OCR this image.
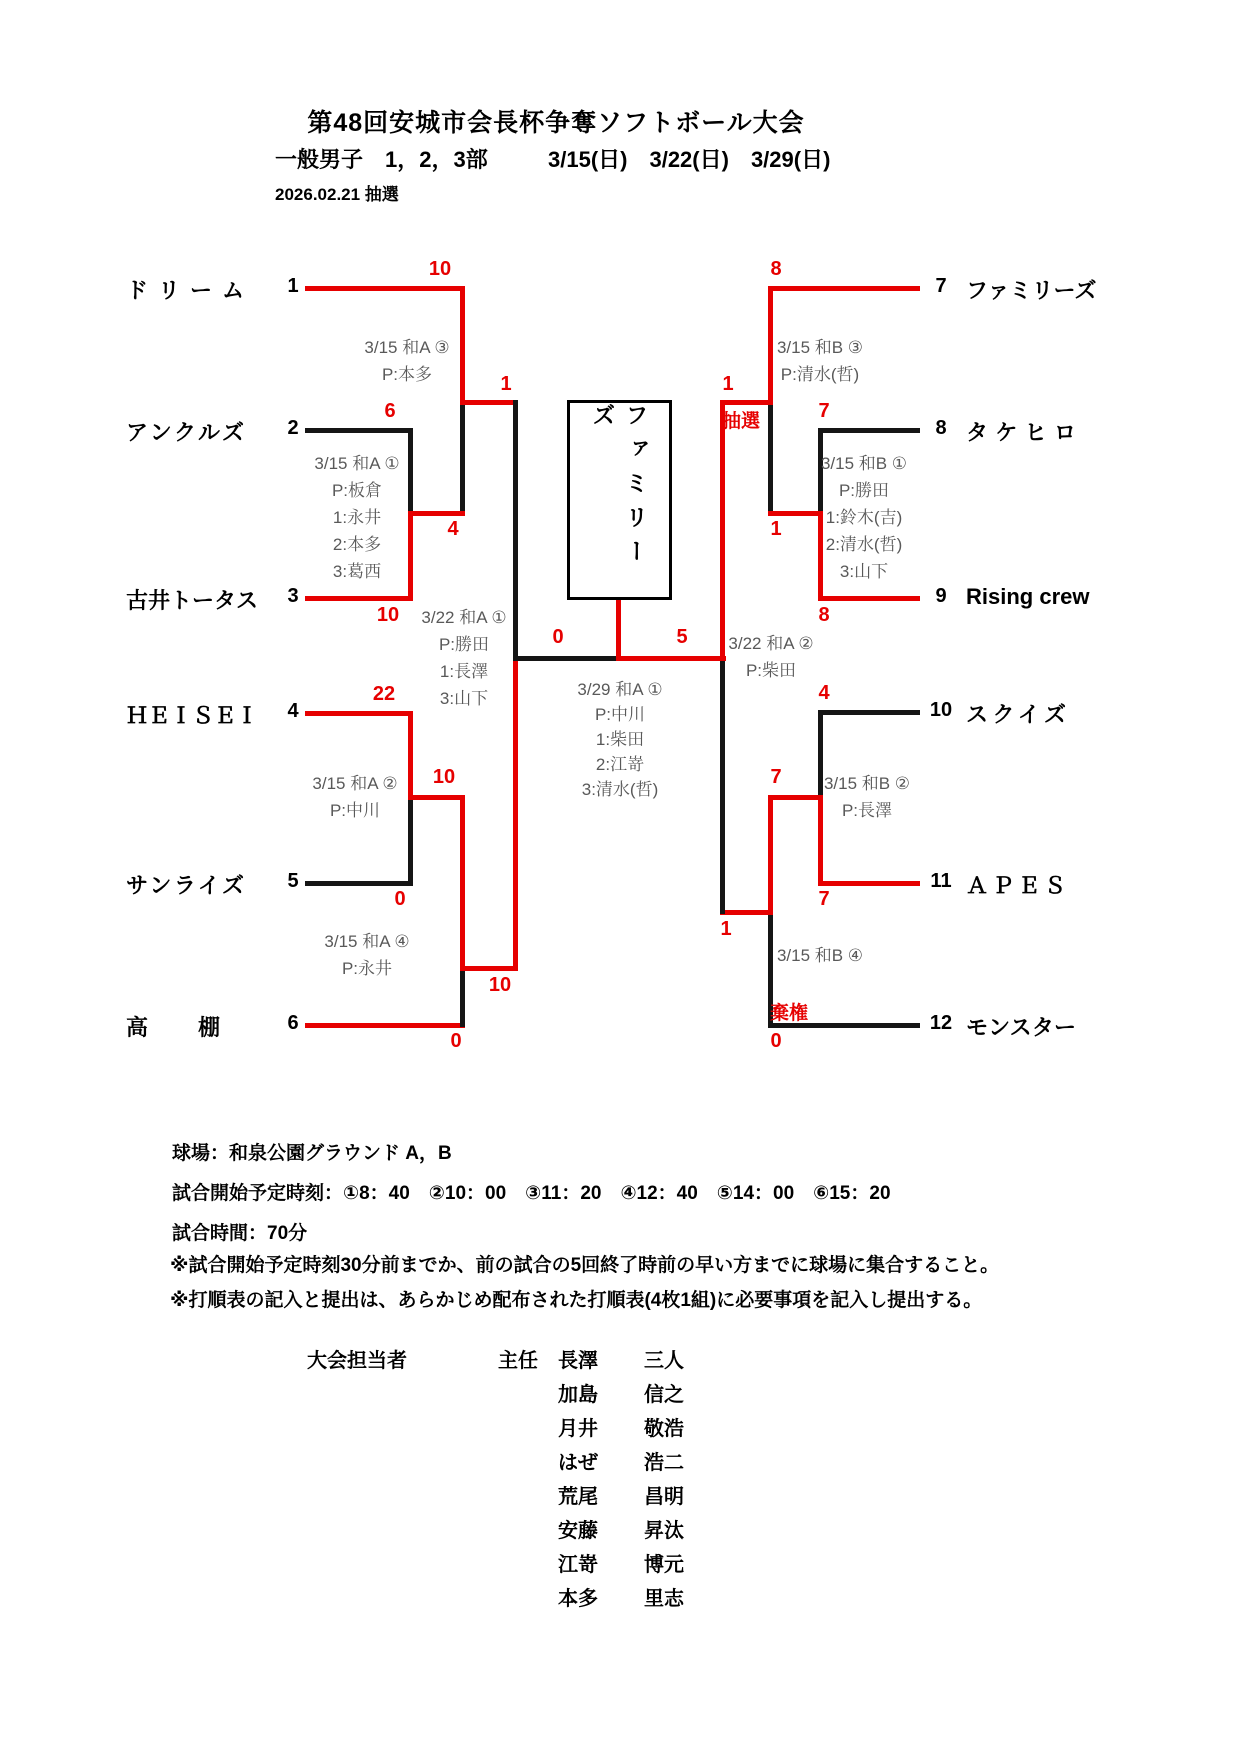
第48回安城市会長杯争奪ソフトボール大会
一般男子　1，2，3部	3/15(日)　3/22(日)　3/29(日)
2026.02.21 抽選
ドリーム	1
アンクルズ	2
古井トータス	3
ＨＥＩＳＥＩ	4
サンライズ	5
高　棚	6
7 ファミリーズ
8 タケヒロ
9 Rising crew
10 スクイズ
11 ＡＰＥＳ
12 モンスター
ファミリーズ
10
1
6
4
10
22
10
0
10
0
0	5
8
1
7
1
8
4
7
7
1
0
抽選
棄権
3/15 和A ③
P:本多
3/15 和A ①
P:板倉
1:永井
2:本多
3:葛西
3/22 和A ①
P:勝田
1:長澤
3:山下
3/15 和A ②
P:中川
3/15 和A ④
P:永井
3/29 和A ①
P:中川
1:柴田
2:江嵜
3:清水(哲)
3/15 和B ③
P:清水(哲)
3/15 和B ①
P:勝田
1:鈴木(吉)
2:清水(哲)
3:山下
3/22 和A ②
P:柴田
3/15 和B ②
P:長澤
3/15 和B ④
球場：和泉公園グラウンド A，B
試合開始予定時刻：①8：40　②10：00　③11：20　④12：40　⑤14：00　⑥15：20
試合時間：70分
※試合開始予定時刻30分前までか、前の試合の5回終了時前の早い方までに球場に集合すること。
※打順表の記入と提出は、あらかじめ配布された打順表(4枚1組)に必要事項を記入し提出する。
大会担当者	主任 長澤 三人
加島 信之
月井 敬浩
はぜ 浩二
荒尾 昌明
安藤 昇汰
江嵜 博元
本多 里志
